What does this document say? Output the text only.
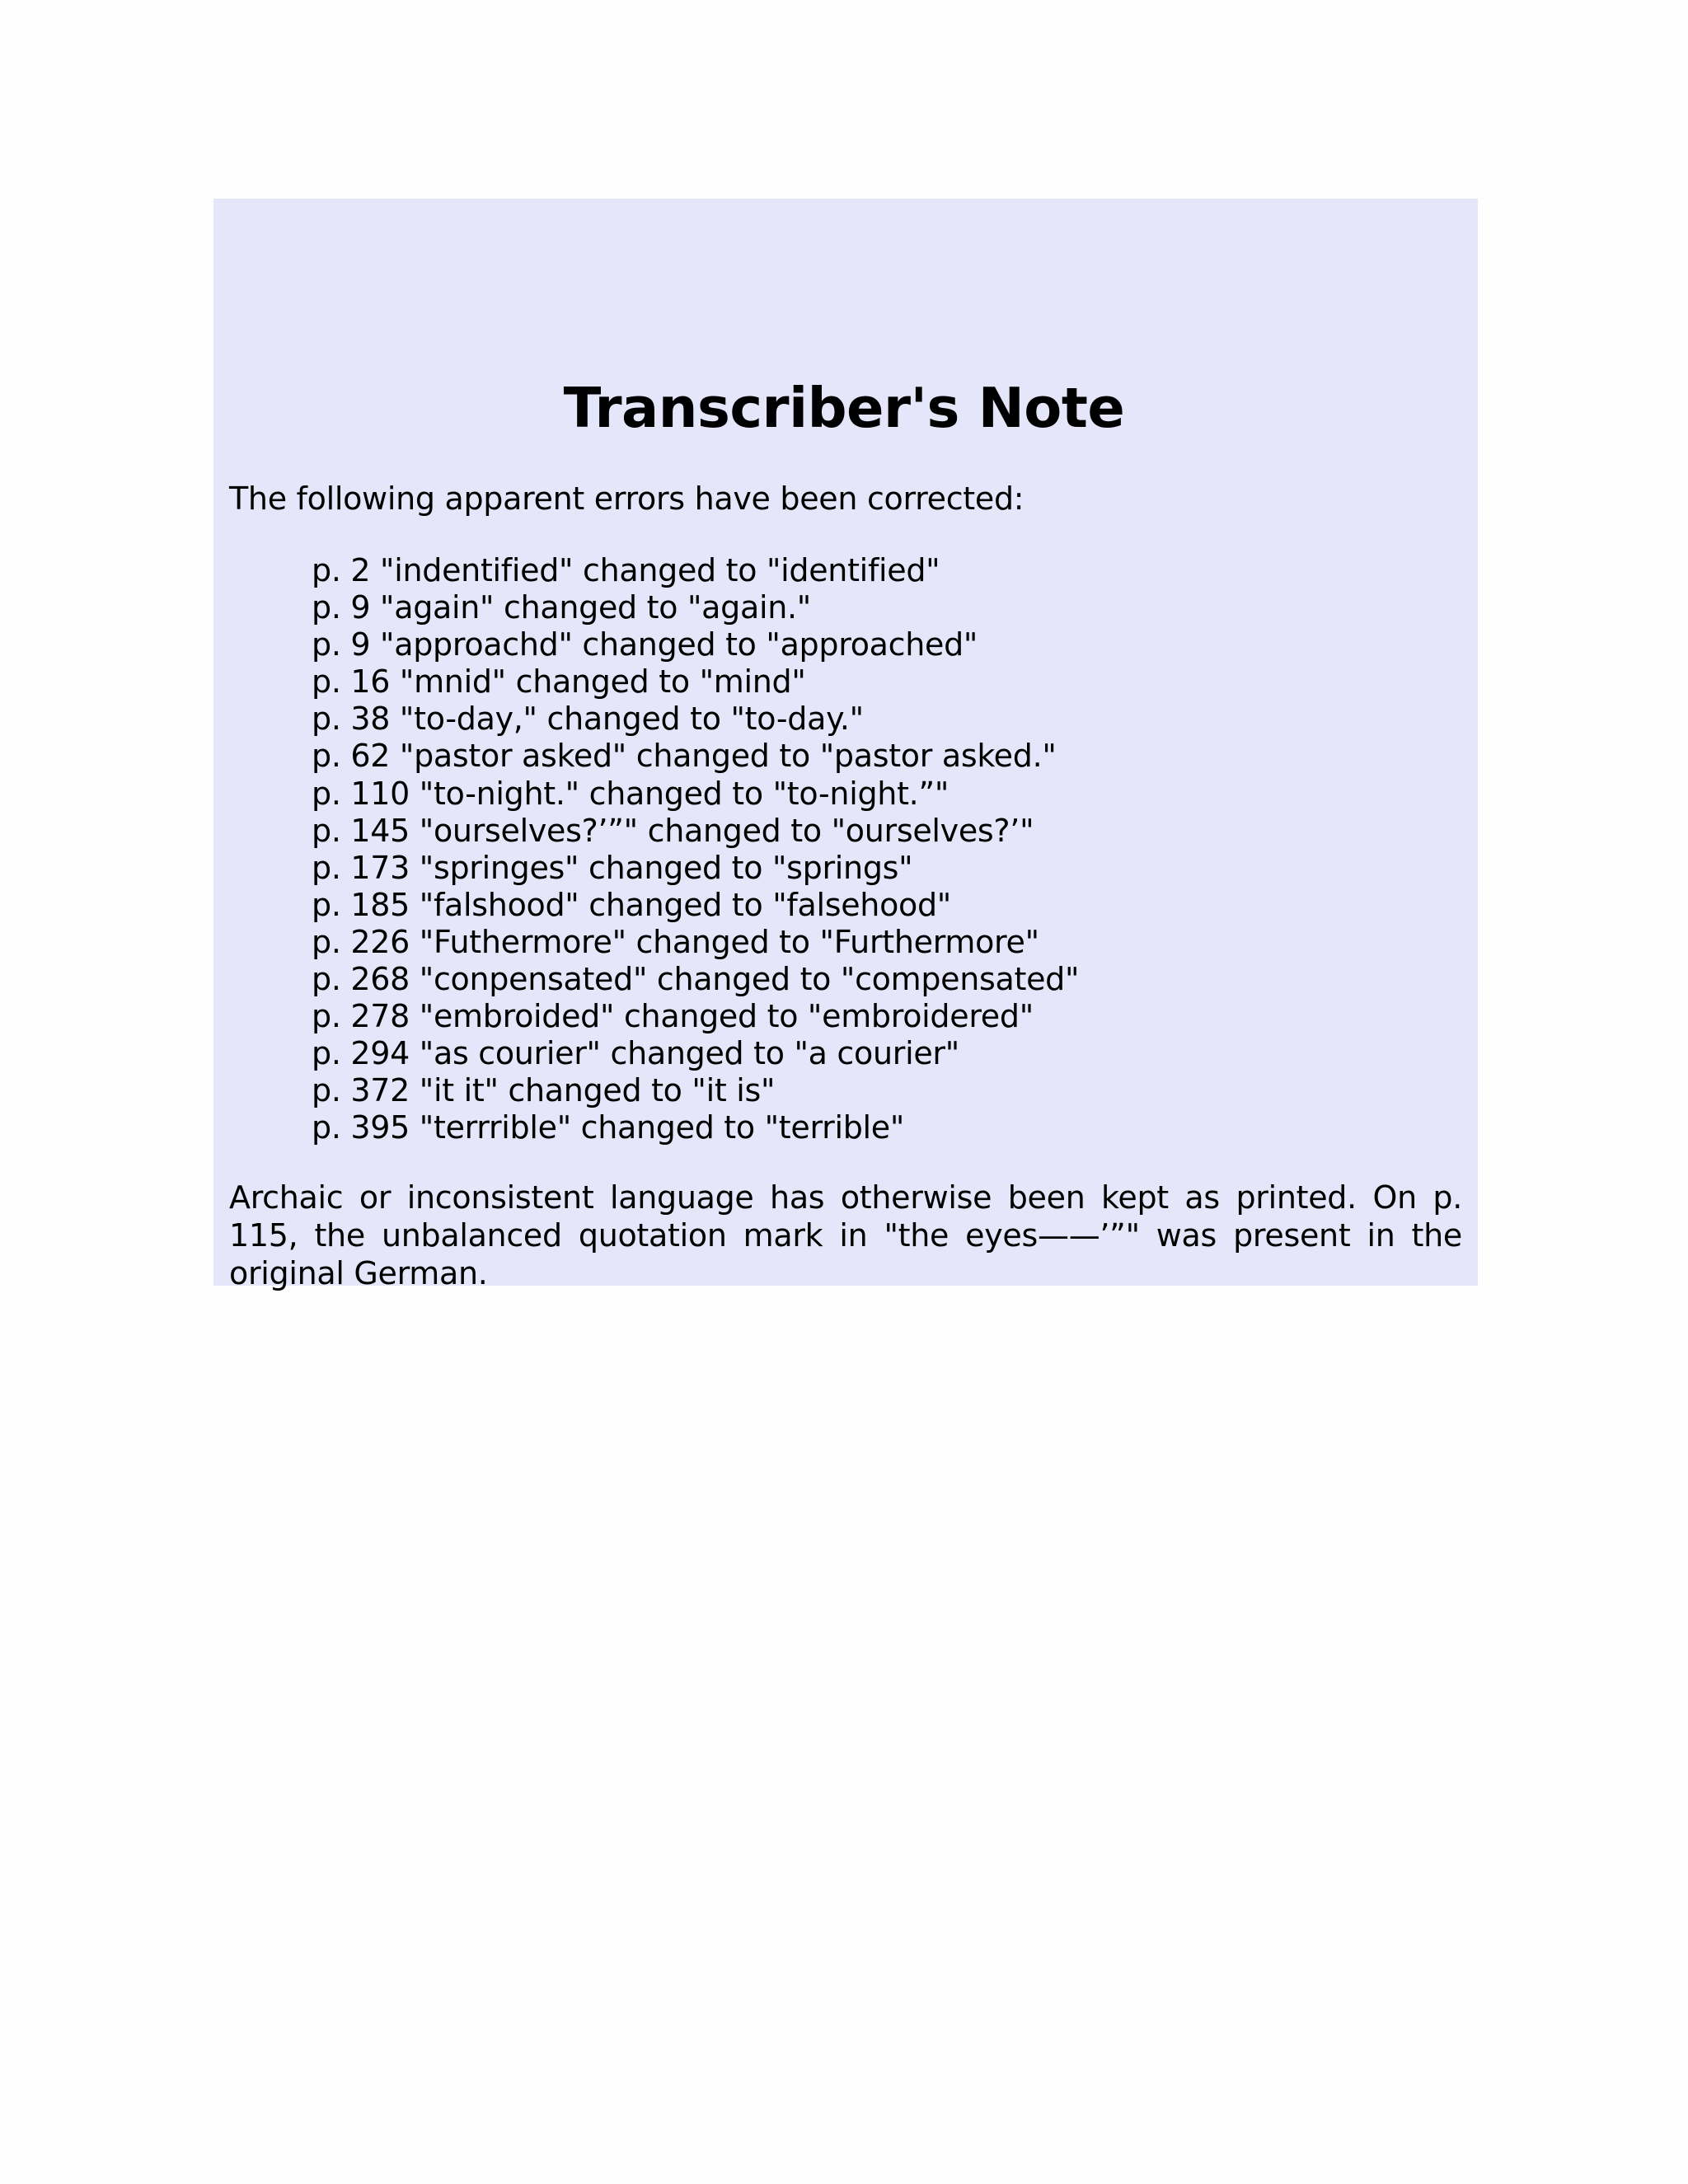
Transcriber's Note

The following apparent errors have been corrected:

p. 2 "indentified" changed to "identified"
p. 9 "again" changed to "again."
p. 9 "approachd" changed to "approached"
p. 16 "mnid" changed to "mind"
p. 38 "to-day," changed to "to-day."
p. 62 "pastor asked" changed to "pastor asked."
p. 110 "to-night." changed to "to-night.”"
p. 145 "ourselves?’”" changed to "ourselves?’"
p. 173 "springes" changed to "springs"
p. 185 "falshood" changed to "falsehood"
p. 226 "Futhermore" changed to "Furthermore"
p. 268 "conpensated" changed to "compensated"
p. 278 "embroided" changed to "embroidered"
p. 294 "as courier" changed to "a courier"
p. 372 "it it" changed to "it is"
p. 395 "terrrible" changed to "terrible"

Archaic or inconsistent language has otherwise been kept as printed. On p. 115, the unbalanced quotation mark in "the eyes——’”" was present in the original German.
